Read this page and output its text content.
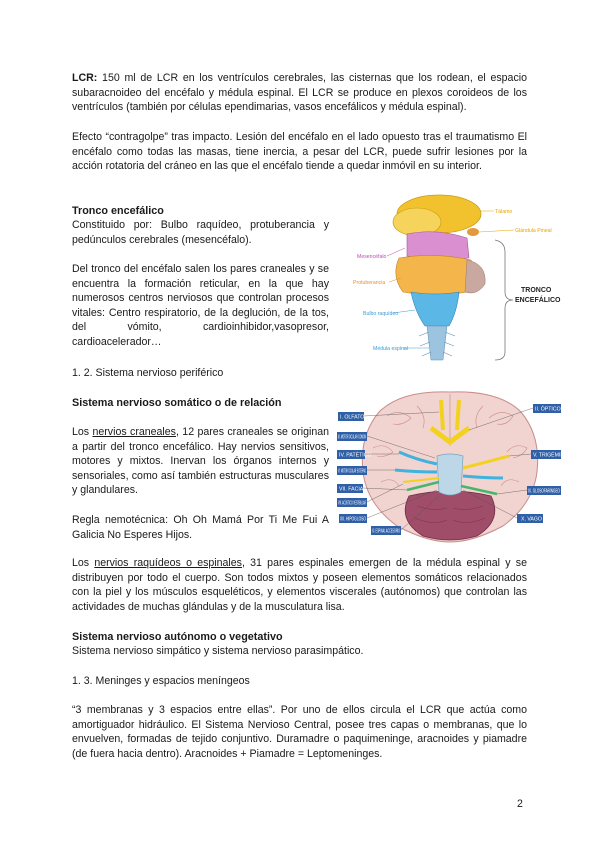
LCR: 150 ml de LCR en los ventrículos cerebrales, las cisternas que los rodean, el espacio subaracnoideo del encéfalo y médula espinal. El LCR se produce en plexos coroideos de los ventrículos (también por células ependimarias, vasos encefálicos y médula espinal).

Efecto “contragolpe” tras impacto. Lesión del encéfalo en el lado opuesto tras el traumatismo El encéfalo como todas las masas, tiene inercia, a pesar del LCR, puede sufrir lesiones por la acción rotatoria del cráneo en las que el encéfalo tiende a quedar inmóvil en su interior.

Tronco encefálico

Constituido por: Bulbo raquídeo, protuberancia y pedúnculos cerebrales (mesencéfalo).

Del tronco del encéfalo salen los pares craneales y se encuentra la formación reticular, en la que hay numerosos centros nerviosos que controlan procesos vitales: Centro respiratorio, de la deglución, de la tos, del vómito, cardioinhibidor,vasopresor, cardioacelerador…

Tálamo
Glándula Pineal
Mesencéfalo
Protuberancia
Bulbo raquídeo
Médula espinal
TRONCO
ENCEFÁLICO

1. 2. Sistema nervioso periférico

Sistema nervioso somático o de relación

Los nervios craneales, 12 pares craneales se originan a partir del tronco encefálico. Hay nervios sensitivos, motores y mixtos. Inervan los órganos internos y sensoriales, como así también estructuras musculares y glandulares.

Regla nemotécnica: Oh Oh Mamá Por Ti Me Fui A Galicia No Esperes Hijos.

I. OLFATORIO
IV. PATÉTICO
VI. MOTOR OCULAR EXTERNO
VII. FACIAL
VIII. ACÚSTICO VESTIBULAR
XII. HIPOGLOSO
XI. ESPINAL ACCESORIO
II. ÓPTICO
V. TRIGÉMINO
IX. GLOSOFARÍNGEO
X. VAGO

Los nervios raquídeos o espinales, 31 pares espinales emergen de la médula espinal y se distribuyen por todo el cuerpo. Son todos mixtos y poseen elementos somáticos relacionados con la piel y los músculos esqueléticos, y elementos viscerales (autónomos) que controlan las actividades de muchas glándulas y de la musculatura lisa.

Sistema nervioso autónomo o vegetativo

Sistema nervioso simpático y sistema nervioso parasimpático.

1. 3. Meninges y espacios meníngeos

“3 membranas y 3 espacios entre ellas”. Por uno de ellos circula el LCR que actúa como amortiguador hidráulico. El Sistema Nervioso Central, posee tres capas o membranas, que lo envuelven, formadas de tejido conjuntivo. Duramadre o paquimeninge, aracnoides y piamadre (de fuera hacia dentro). Aracnoides + Piamadre = Leptomeninges.

2
